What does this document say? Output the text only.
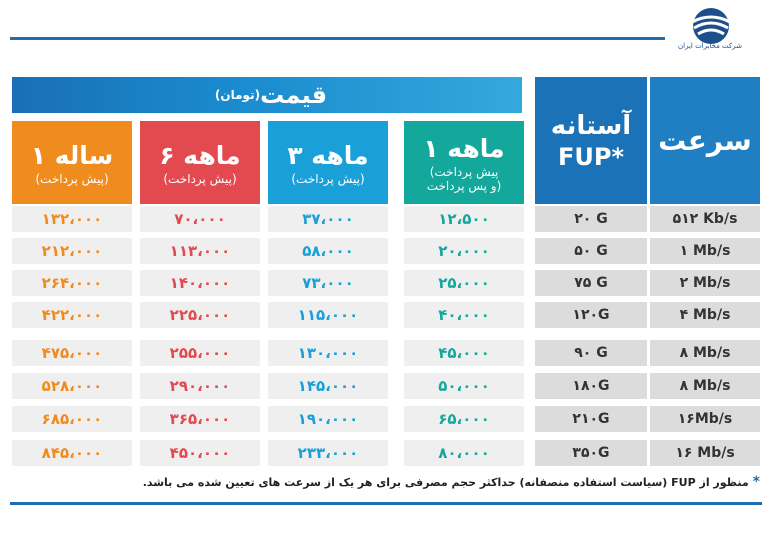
شرکت مخابرات ایران
(تومان) قیمت
سرعت
آستانه
FUP*
۱ ماهه
(پیش پرداخت
و پس پرداخت)
۳ ماهه
(پیش پرداخت)
۶ ماهه
(پیش پرداخت)
۱ ساله
(پیش پرداخت)
۵۱۲ Kb/s
۲۰ G
۱۲،۵۰۰
۳۷،۰۰۰
۷۰،۰۰۰
۱۳۲،۰۰۰
۱ Mb/s
۵۰ G
۲۰،۰۰۰
۵۸،۰۰۰
۱۱۳،۰۰۰
۲۱۲،۰۰۰
۲ Mb/s
۷۵ G
۲۵،۰۰۰
۷۳،۰۰۰
۱۴۰،۰۰۰
۲۶۴،۰۰۰
۴ Mb/s
۱۲۰G
۴۰،۰۰۰
۱۱۵،۰۰۰
۲۲۵،۰۰۰
۴۲۲،۰۰۰
۸ Mb/s
۹۰ G
۴۵،۰۰۰
۱۳۰،۰۰۰
۲۵۵،۰۰۰
۴۷۵،۰۰۰
۸ Mb/s
۱۸۰G
۵۰،۰۰۰
۱۴۵،۰۰۰
۲۹۰،۰۰۰
۵۲۸،۰۰۰
۱۶Mb/s
۲۱۰G
۶۵،۰۰۰
۱۹۰،۰۰۰
۳۶۵،۰۰۰
۶۸۵،۰۰۰
۱۶ Mb/s
۳۵۰G
۸۰،۰۰۰
۲۳۳،۰۰۰
۴۵۰،۰۰۰
۸۴۵،۰۰۰
*منظور از FUP (سیاست استفاده منصفانه) حداکثر حجم مصرفی برای هر یک از سرعت های تعیین شده می باشد.
